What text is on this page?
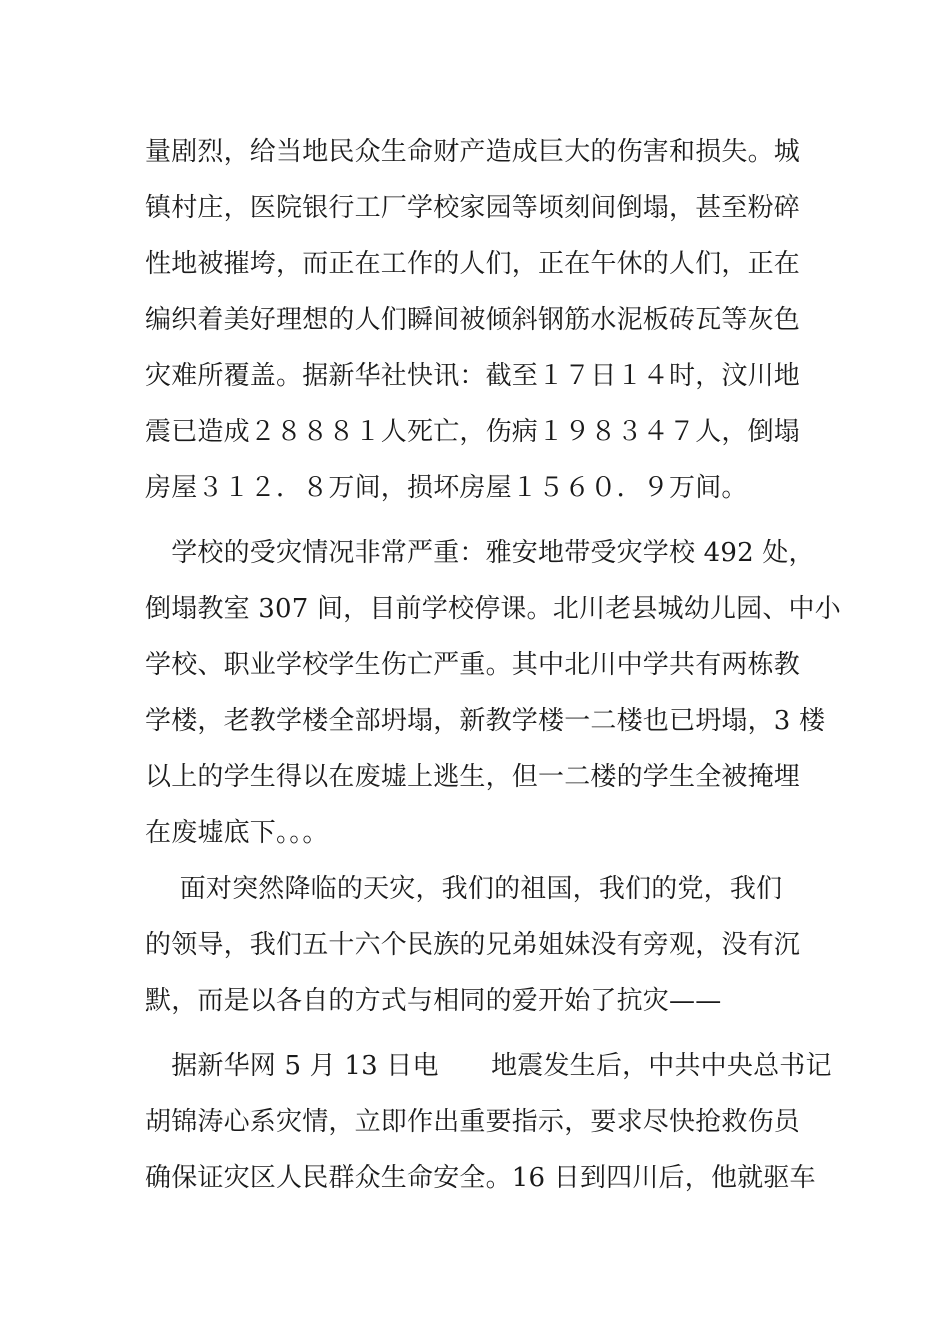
量剧烈，给当地民众生命财产造成巨大的伤害和损失。城
镇村庄，医院银行工厂学校家园等顷刻间倒塌，甚至粉碎
性地被摧垮，而正在工作的人们，正在午休的人们，正在
编织着美好理想的人们瞬间被倾斜钢筋水泥板砖瓦等灰色
灾难所覆盖。据新华社快讯：截至１７日１４时，汶川地
震已造成２８８８１人死亡，伤病１９８３４７人，倒塌
房屋３１２．８万间，损坏房屋１５６０．９万间。
　学校的受灾情况非常严重：雅安地带受灾学校 492 处，
倒塌教室 307 间，目前学校停课。北川老县城幼儿园、中小
学校、职业学校学生伤亡严重。其中北川中学共有两栋教
学楼，老教学楼全部坍塌，新教学楼一二楼也已坍塌，3 楼
以上的学生得以在废墟上逃生，但一二楼的学生全被掩埋
在废墟底下。。。
　 面对突然降临的天灾，我们的祖国，我们的党，我们
的领导，我们五十六个民族的兄弟姐妹没有旁观，没有沉
默，而是以各自的方式与相同的爱开始了抗灾——
　据新华网 5 月 13 日电　　地震发生后，中共中央总书记
胡锦涛心系灾情，立即作出重要指示，要求尽快抢救伤员
确保证灾区人民群众生命安全。16 日到四川后，他就驱车
